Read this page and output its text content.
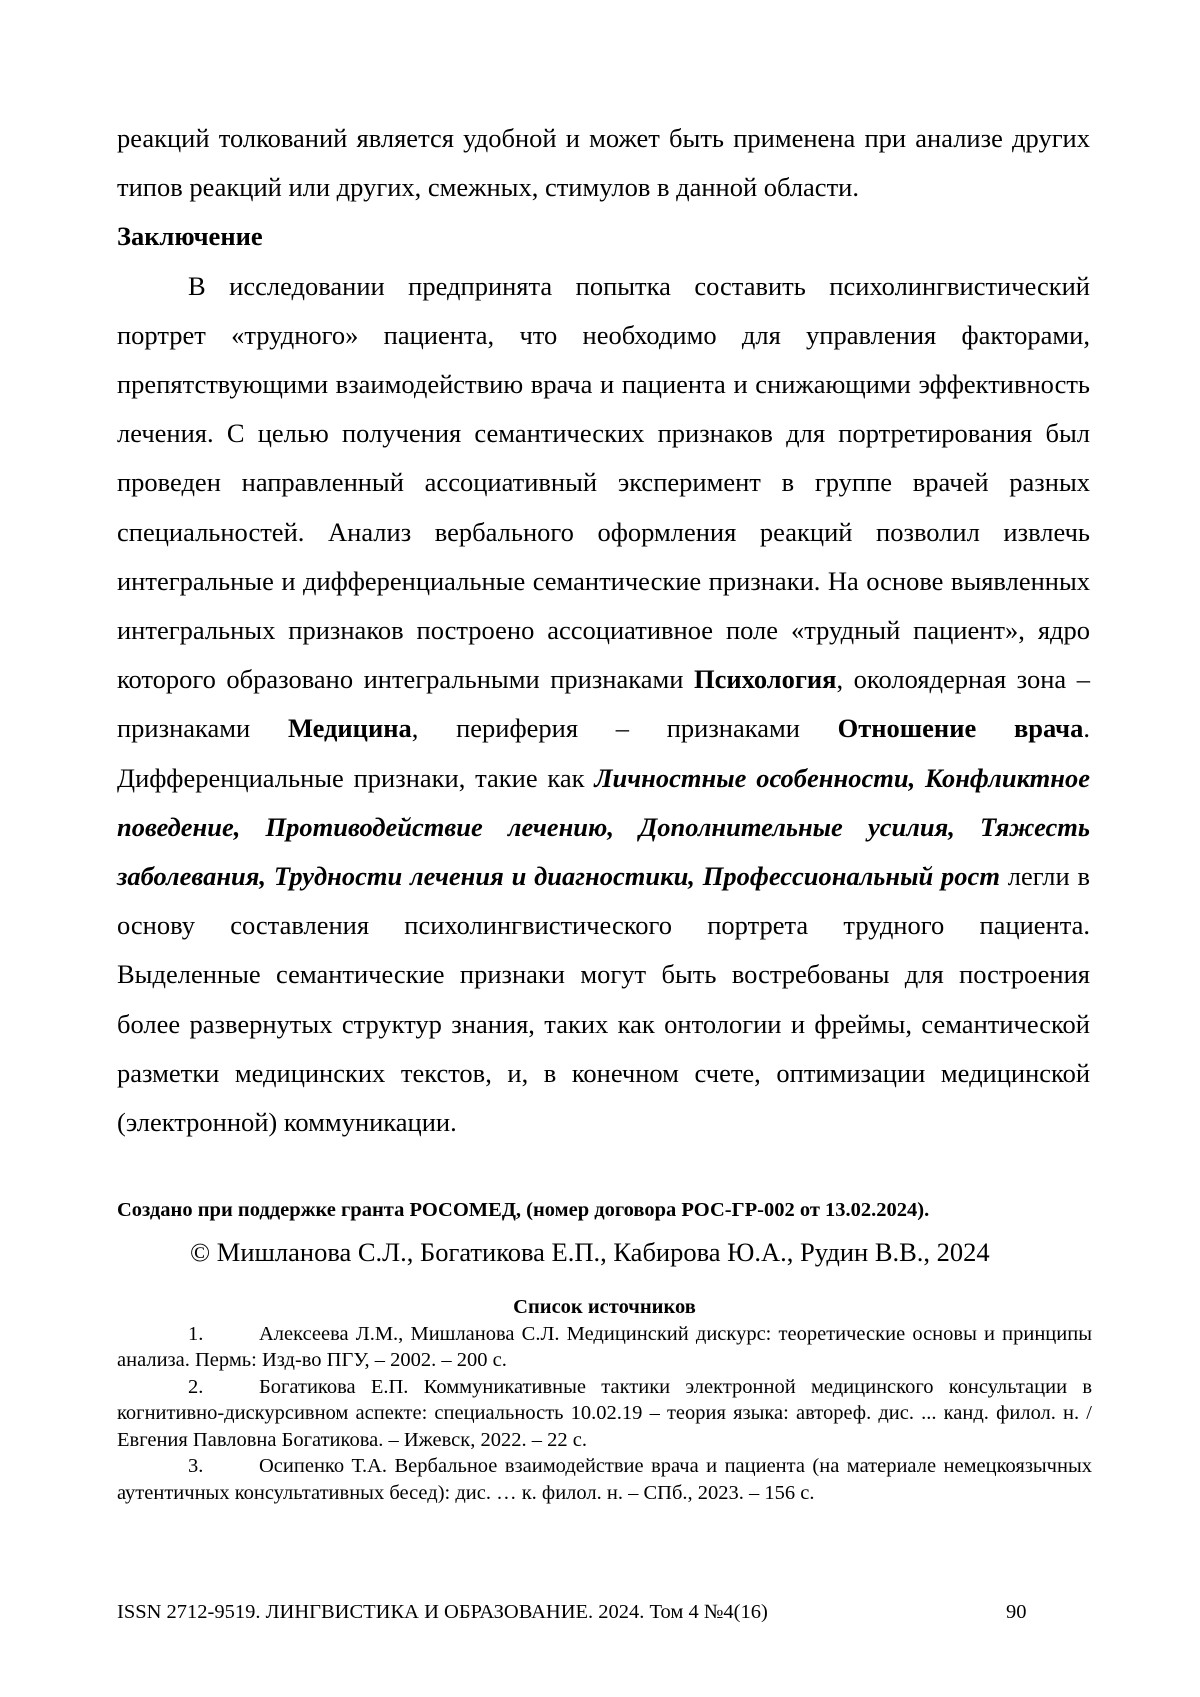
реакций толкований является удобной и может быть применена при анализе других типов реакций или других, смежных, стимулов в данной области.

Заключение

В исследовании предпринята попытка составить психолингвистический портрет «трудного» пациента, что необходимо для управления факторами, препятствующими взаимодействию врача и пациента и снижающими эффективность лечения. С целью получения семантических признаков для портретирования был проведен направленный ассоциативный эксперимент в группе врачей разных специальностей. Анализ вербального оформления реакций позволил извлечь интегральные и дифференциальные семантические признаки. На основе выявленных интегральных признаков построено ассоциативное поле «трудный пациент», ядро которого образовано интегральными признаками Психология, околоядерная зона – признаками Медицина, периферия – признаками Отношение врача. Дифференциальные признаки, такие как Личностные особенности, Конфликтное поведение, Противодействие лечению, Дополнительные усилия, Тяжесть заболевания, Трудности лечения и диагностики, Профессиональный рост легли в основу составления психолингвистического портрета трудного пациента. Выделенные семантические признаки могут быть востребованы для построения более развернутых структур знания, таких как онтологии и фреймы, семантической разметки медицинских текстов, и, в конечном счете, оптимизации медицинской (электронной) коммуникации.

Создано при поддержке гранта РОСОМЕД, (номер договора РОС-ГР-002 от 13.02.2024).
© Мишланова С.Л., Богатикова Е.П., Кабирова Ю.А., Рудин В.В., 2024

Список источников

1.	Алексеева Л.М., Мишланова С.Л. Медицинский дискурс: теоретические основы и принципы анализа. Пермь: Изд-во ПГУ, – 2002. – 200 с.
2.	Богатикова Е.П. Коммуникативные тактики электронной медицинского консультации в когнитивно-дискурсивном аспекте: специальность 10.02.19 – теория языка: автореф. дис. ... канд. филол. н. / Евгения Павловна Богатикова. – Ижевск, 2022. – 22 с.
3.	Осипенко Т.А. Вербальное взаимодействие врача и пациента (на материале немецкоязычных аутентичных консультативных бесед): дис. … к. филол. н. – СПб., 2023. – 156 с.
ISSN 2712-9519. ЛИНГВИСТИКА И ОБРАЗОВАНИЕ. 2024. Том 4 №4(16)	90
